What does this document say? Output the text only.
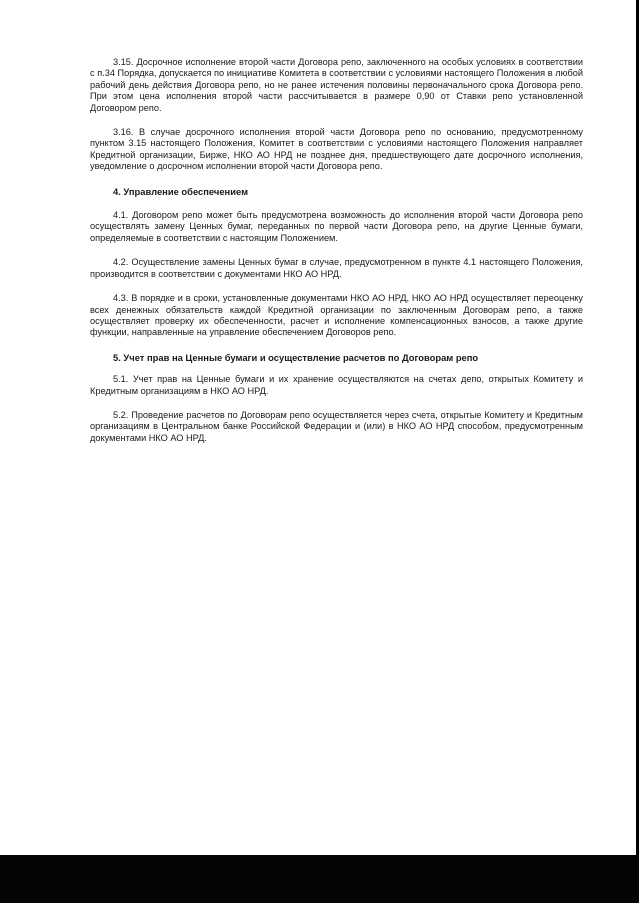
3.15. Досрочное исполнение второй части Договора репо, заключенного на особых условиях в соответствии с п.34 Порядка, допускается по инициативе Комитета в соответствии с условиями настоящего Положения в любой рабочий день действия Договора репо, но не ранее истечения половины первоначального срока Договора репо. При этом цена исполнения второй части рассчитывается в размере 0,90 от Ставки репо установленной Договором репо.

3.16. В случае досрочного исполнения второй части Договора репо по основанию, предусмотренному пунктом 3.15 настоящего Положения, Комитет в соответствии с условиями настоящего Положения направляет Кредитной организации, Бирже, НКО АО НРД не позднее дня, предшествующего дате досрочного исполнения, уведомление о досрочном исполнении второй части Договора репо.

4. Управление обеспечением

4.1. Договором репо может быть предусмотрена возможность до исполнения второй части Договора репо осуществлять замену Ценных бумаг, переданных по первой части Договора репо, на другие Ценные бумаги, определяемые в соответствии с настоящим Положением.

4.2. Осуществление замены Ценных бумаг в случае, предусмотренном в пункте 4.1 настоящего Положения, производится в соответствии с документами НКО АО НРД.

4.3. В порядке и в сроки, установленные документами НКО АО НРД, НКО АО НРД осуществляет переоценку всех денежных обязательств каждой Кредитной организации по заключенным Договорам репо, а также осуществляет проверку их обеспеченности, расчет и исполнение компенсационных взносов, а также другие функции, направленные на управление обеспечением Договоров репо.

5. Учет прав на Ценные бумаги и осуществление расчетов по Договорам репо

5.1. Учет прав на Ценные бумаги и их хранение осуществляются на счетах депо, открытых Комитету и Кредитным организациям в НКО АО НРД.

5.2. Проведение расчетов по Договорам репо осуществляется через счета, открытые Комитету и Кредитным организациям в Центральном банке Российской Федерации и (или) в НКО АО НРД способом, предусмотренным документами НКО АО НРД.
